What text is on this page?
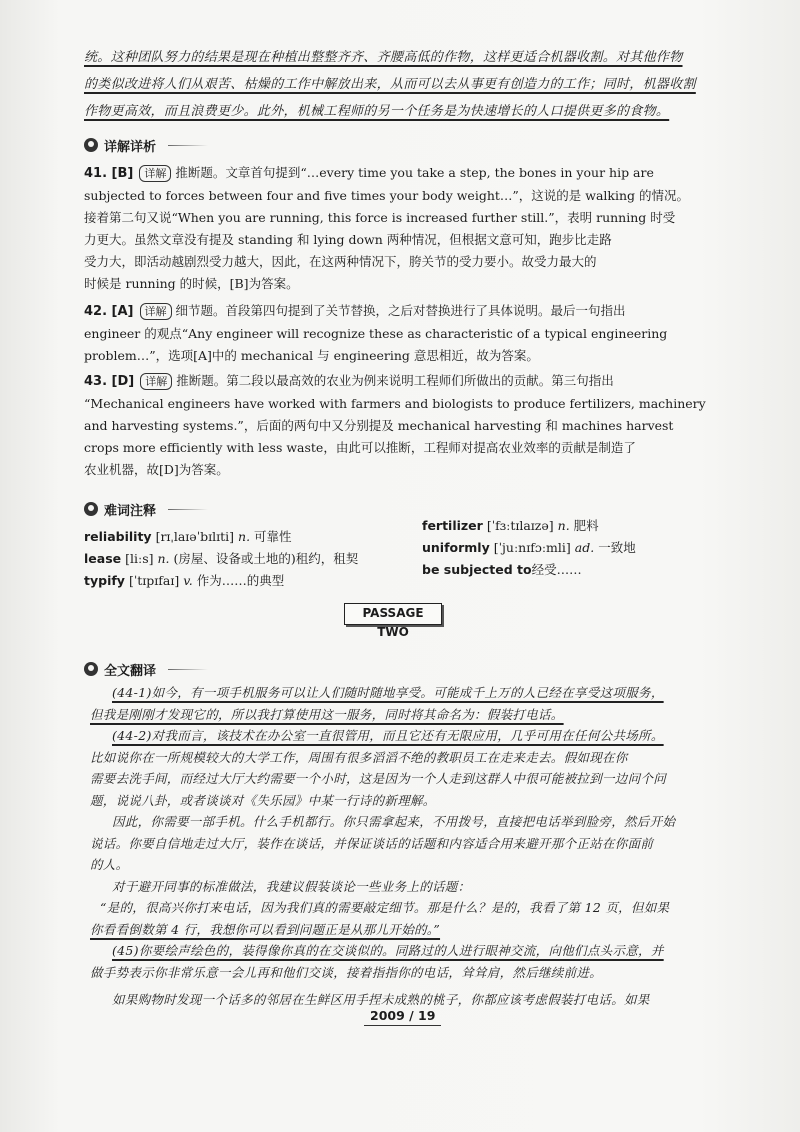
统。这种团队努力的结果是现在种植出整整齐齐、齐腰高低的作物，这样更适合机器收割。对其他作物
的类似改进将人们从艰苦、枯燥的工作中解放出来，从而可以去从事更有创造力的工作；同时，机器收割
作物更高效，而且浪费更少。此外，机械工程师的另一个任务是为快速增长的人口提供更多的食物。
详解详析
41. [B] 详解 推断题。文章首句提到“…every time you take a step, the bones in your hip are
subjected to forces between four and five times your body weight…”，这说的是 walking 的情况。
接着第二句又说“When you are running, this force is increased further still.”，表明 running 时受
力更大。虽然文章没有提及 standing 和 lying down 两种情况，但根据文意可知，跑步比走路
受力大，即活动越剧烈受力越大，因此，在这两种情况下，胯关节的受力要小。故受力最大的
时候是 running 的时候，[B]为答案。
42. [A] 详解 细节题。首段第四句提到了关节替换，之后对替换进行了具体说明。最后一句指出
engineer 的观点“Any engineer will recognize these as characteristic of a typical engineering
problem…”，选项[A]中的 mechanical 与 engineering 意思相近，故为答案。
43. [D] 详解 推断题。第二段以最高效的农业为例来说明工程师们所做出的贡献。第三句指出
“Mechanical engineers have worked with farmers and biologists to produce fertilizers, machinery
and harvesting systems.”，后面的两句中又分别提及 mechanical harvesting 和 machines harvest
crops more efficiently with less waste，由此可以推断，工程师对提高农业效率的贡献是制造了
农业机器，故[D]为答案。
难词注释
reliability [rɪˌlaɪəˈbɪlɪti] n. 可靠性
lease [liːs] n. (房屋、设备或土地的)租约，租契
typify [ˈtɪpɪfaɪ] v. 作为……的典型
fertilizer [ˈfɜːtɪlaɪzə] n. 肥料
uniformly [ˈjuːnɪfɔːmli] ad. 一致地
be subjected to经受……
PASSAGE TWO
全文翻译
(44-1)如今，有一项手机服务可以让人们随时随地享受。可能成千上万的人已经在享受这项服务，
但我是刚刚才发现它的，所以我打算使用这一服务，同时将其命名为：假装打电话。
(44-2)对我而言，该技术在办公室一直很管用，而且它还有无限应用，几乎可用在任何公共场所。
比如说你在一所规模较大的大学工作，周围有很多滔滔不绝的教职员工在走来走去。假如现在你
需要去洗手间，而经过大厅大约需要一个小时，这是因为一个人走到这群人中很可能被拉到一边问个问
题，说说八卦，或者谈谈对《失乐园》中某一行诗的新理解。
因此，你需要一部手机。什么手机都行。你只需拿起来，不用拨号，直接把电话举到脸旁，然后开始
说话。你要自信地走过大厅，装作在谈话，并保证谈话的话题和内容适合用来避开那个正站在你面前
的人。
对于避开同事的标准做法，我建议假装谈论一些业务上的话题：
“是的，很高兴你打来电话，因为我们真的需要敲定细节。那是什么？是的，我看了第 12 页，但如果
你看看倒数第 4 行，我想你可以看到问题正是从那儿开始的。”
(45)你要绘声绘色的，装得像你真的在交谈似的。同路过的人进行眼神交流，向他们点头示意，并
做手势表示你非常乐意一会儿再和他们交谈，接着指指你的电话，耸耸肩，然后继续前进。
如果购物时发现一个话多的邻居在生鲜区用手捏未成熟的桃子，你都应该考虑假装打电话。如果
2009 / 19
